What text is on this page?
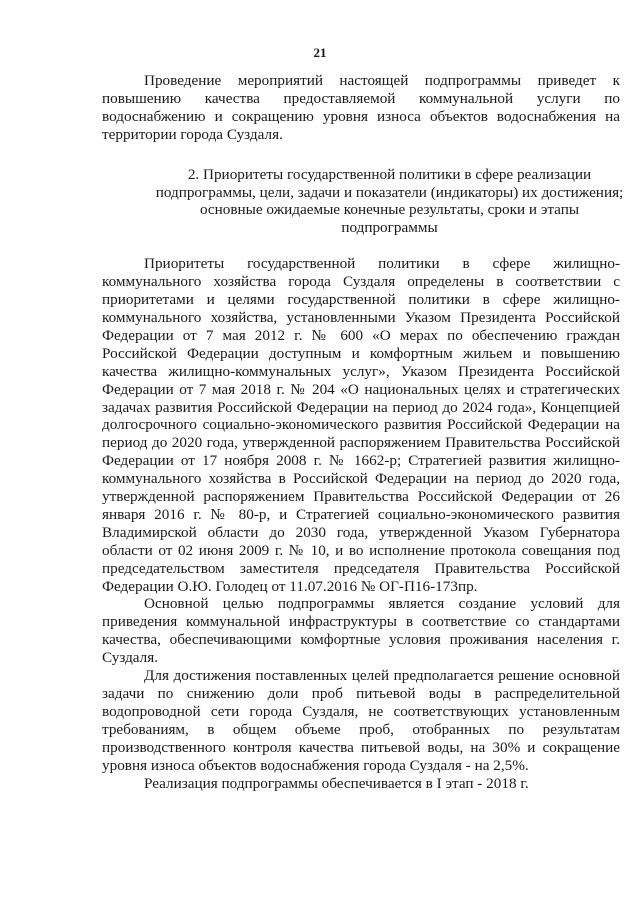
21

Проведение мероприятий настоящей подпрограммы приведет к повышению качества предоставляемой коммунальной услуги по водоснабжению и сокращению уровня износа объектов водоснабжения на территории города Суздаля.

2. Приоритеты государственной политики в сфере реализации подпрограммы, цели, задачи и показатели (индикаторы) их достижения; основные ожидаемые конечные результаты, сроки и этапы подпрограммы

Приоритеты государственной политики в сфере жилищно-коммунального хозяйства города Суздаля определены в соответствии с приоритетами и целями государственной политики в сфере жилищно-коммунального хозяйства, установленными Указом Президента Российской Федерации от 7 мая 2012 г. № 600 «О мерах по обеспечению граждан Российской Федерации доступным и комфортным жильем и повышению качества жилищно-коммунальных услуг», Указом Президента Российской Федерации от 7 мая 2018 г. № 204 «О национальных целях и стратегических задачах развития Российской Федерации на период до 2024 года», Концепцией долгосрочного социально-экономического развития Российской Федерации на период до 2020 года, утвержденной распоряжением Правительства Российской Федерации от 17 ноября 2008 г. № 1662-р; Стратегией развития жилищно-коммунального хозяйства в Российской Федерации на период до 2020 года, утвержденной распоряжением Правительства Российской Федерации от 26 января 2016 г. № 80-р, и Стратегией социально-экономического развития Владимирской области до 2030 года, утвержденной Указом Губернатора области от 02 июня 2009 г. № 10, и во исполнение протокола совещания под председательством заместителя председателя Правительства Российской Федерации О.Ю. Голодец от 11.07.2016 № ОГ-П16-173пр.

Основной целью подпрограммы является создание условий для приведения коммунальной инфраструктуры в соответствие со стандартами качества, обеспечивающими комфортные условия проживания населения г. Суздаля.

Для достижения поставленных целей предполагается решение основной задачи по снижению доли проб питьевой воды в распределительной водопроводной сети города Суздаля, не соответствующих установленным требованиям, в общем объеме проб, отобранных по результатам производственного контроля качества питьевой воды, на 30% и сокращение уровня износа объектов водоснабжения города Суздаля - на 2,5%.

Реализация подпрограммы обеспечивается в I этап - 2018 г.
